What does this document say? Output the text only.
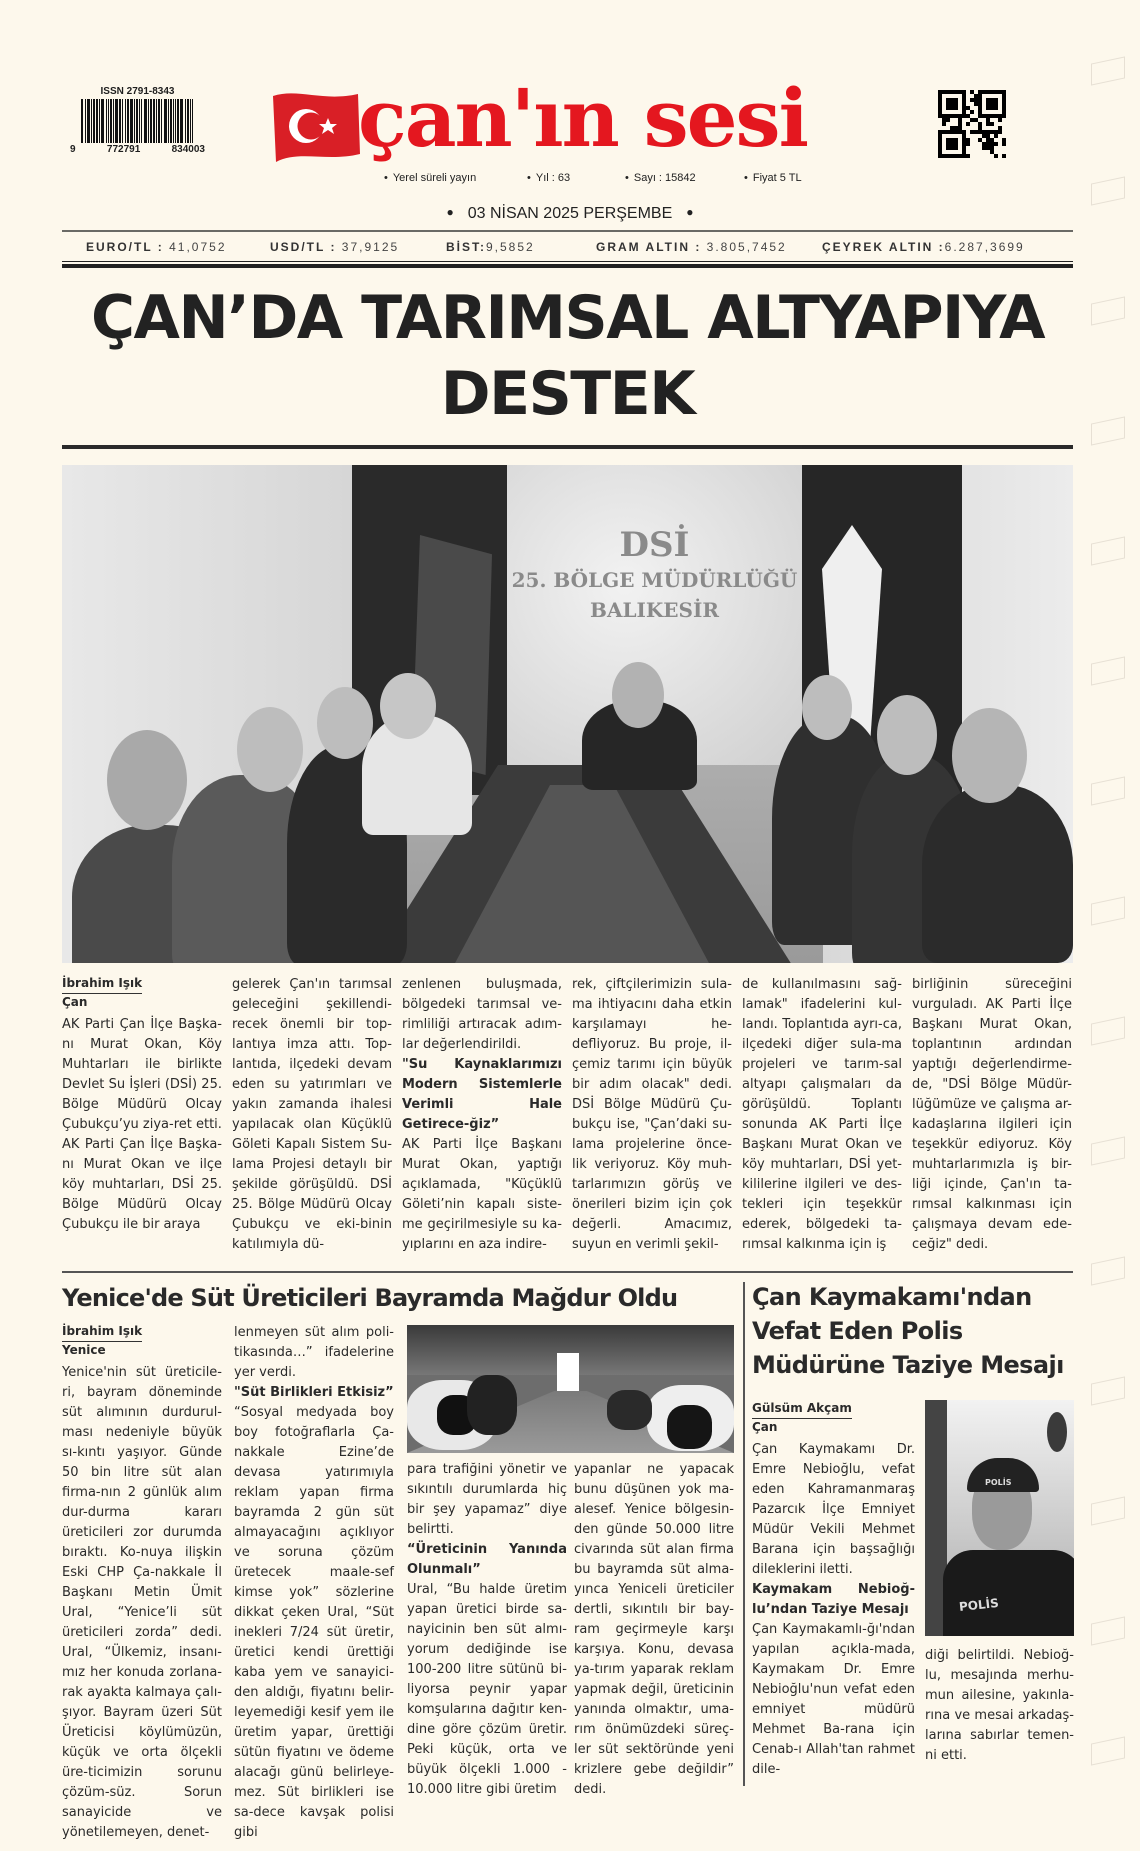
ISSN 2791-8343
9	772791	834003 çan'ın sesi
• Yerel süreli yayın	• Yıl : 63	• Sayı : 15842	• Fiyat 5 TL
● 03 NİSAN 2025 PERŞEMBE ●
EURO/TL : 41,0752	USD/TL : 37,9125	BİST:9,5852	GRAM ALTIN : 3.805,7452	ÇEYREK ALTIN :6.287,3699
ÇAN’DA TARIMSAL ALTYAPIYA
DESTEK
DSİ
25. BÖLGE MÜDÜRLÜĞÜ
BALIKESİR
İbrahim Işık
Çan

AK Parti Çan İlçe Başka-nı Murat Okan, Köy Muhtarları ile birlikte Devlet Su İşleri (DSİ) 25. Bölge Müdürü Olcay Çubukçu’yu ziya-ret etti.

AK Parti Çan İlçe Başka-nı Murat Okan ve ilçe köy muhtarları, DSİ 25. Bölge Müdürü Olcay Çubukçu ile bir araya

gelerek Çan'ın tarımsal geleceğini şekillendi-recek önemli bir top-lantıya imza attı. Top-lantıda, ilçedeki devam eden su yatırımları ve yakın zamanda ihalesi yapılacak olan Küçüklü Göleti Kapalı Sistem Su-lama Projesi detaylı bir şekilde görüşüldü. DSİ 25. Bölge Müdürü Olcay Çubukçu ve eki-binin katılımıyla dü-

zenlenen buluşmada, bölgedeki tarımsal ve-rimliliği artıracak adım-lar değerlendirildi.

"Su Kaynaklarımızı Modern Sistemlerle Verimli Hale Getirece-ğiz”

AK Parti İlçe Başkanı Murat Okan, yaptığı açıklamada, "Küçüklü Göleti’nin kapalı siste-me geçirilmesiyle su ka-yıplarını en aza indire-

rek, çiftçilerimizin sula-ma ihtiyacını daha etkin karşılamayı he-defliyoruz. Bu proje, il-çemiz tarımı için büyük bir adım olacak" dedi. DSİ Bölge Müdürü Çu-bukçu ise, "Çan’daki su-lama projelerine önce-lik veriyoruz. Köy muh-tarlarımızın görüş ve önerileri bizim için çok değerli. Amacımız, suyun en verimli şekil-

de kullanılmasını sağ-lamak" ifadelerini kul-landı. Toplantıda ayrı-ca, ilçedeki diğer sula-ma projeleri ve tarım-sal altyapı çalışmaları da görüşüldü. Toplantı sonunda AK Parti İlçe Başkanı Murat Okan ve köy muhtarları, DSİ yet-kililerine ilgileri ve des-tekleri için teşekkür ederek, bölgedeki ta-rımsal kalkınma için iş

birliğinin süreceğini vurguladı. AK Parti İlçe Başkanı Murat Okan, toplantının ardından yaptığı değerlendirme-de, "DSİ Bölge Müdür-lüğümüze ve çalışma ar-kadaşlarına ilgileri için teşekkür ediyoruz. Köy muhtarlarımızla iş bir-liği içinde, Çan'ın ta-rımsal kalkınması için çalışmaya devam ede-ceğiz" dedi.

Yenice'de Süt Üreticileri Bayramda Mağdur Oldu
İbrahim Işık
Yenice

Yenice'nin süt üreticile-ri, bayram döneminde süt alımının durdurul-ması nedeniyle büyük sı-kıntı yaşıyor. Günde 50 bin litre süt alan firma-nın 2 günlük alım dur-durma kararı üreticileri zor durumda bıraktı. Ko-nuya ilişkin Eski CHP Ça-nakkale İl Başkanı Metin Ümit Ural, “Yenice’li süt üreticileri zorda” dedi. Ural, “Ülkemiz, insanı-mız her konuda zorlana-rak ayakta kalmaya çalı-şıyor. Bayram üzeri Süt Üreticisi köylümüzün, küçük ve orta ölçekli üre-ticimizin sorunu çözüm-süz. Sorun sanayicide ve yönetilemeyen, denet-

lenmeyen süt alım poli-tikasında…” ifadelerine yer verdi.

"Süt Birlikleri Etkisiz”

“Sosyal medyada boy boy fotoğraflarla Ça-nakkale Ezine’de devasa yatırımıyla reklam yapan firma bayramda 2 gün süt almayacağını açıklıyor ve soruna çözüm üretecek maale-sef kimse yok” sözlerine dikkat çeken Ural, “Süt inekleri 7/24 süt üretir, üretici kendi ürettiği kaba yem ve sanayici-den aldığı, fiyatını belir-leyemediği kesif yem ile üretim yapar, ürettiği sütün fiyatını ve ödeme alacağı günü belirleye-mez. Süt birlikleri ise sa-dece kavşak polisi gibi

para trafiğini yönetir ve sıkıntılı durumlarda hiç bir şey yapamaz” diye belirtti.

“Üreticinin Yanında Olunmalı”

Ural, “Bu halde üretim yapan üretici birde sa-nayicinin ben süt almı-yorum dediğinde ise 100-200 litre sütünü bi-liyorsa peynir yapar komşularına dağıtır ken-dine göre çözüm üretir. Peki küçük, orta ve büyük ölçekli 1.000 - 10.000 litre gibi üretim

yapanlar ne yapacak bunu düşünen yok ma-alesef. Yenice bölgesin-den günde 50.000 litre civarında süt alan firma bu bayramda süt alma-yınca Yeniceli üreticiler dertli, sıkıntılı bir bay-ram geçirmeyle karşı karşıya. Konu, devasa ya-tırım yaparak reklam yapmak değil, üreticinin yanında olmaktır, uma-rım önümüzdeki süreç-ler süt sektöründe yeni krizlere gebe değildir” dedi.

Çan Kaymakamı'ndan Vefat Eden Polis Müdürüne Taziye Mesajı
POLİS
POLİS
Gülsüm Akçam
Çan

Çan Kaymakamı Dr. Emre Nebioğlu, vefat eden Kahramanmaraş Pazarcık İlçe Emniyet Müdür Vekili Mehmet Barana için başsağlığı dileklerini iletti.

Kaymakam Nebioğ-lu’ndan Taziye Mesajı

Çan Kaymakamlı-ğı'ndan yapılan açıkla-mada, Kaymakam Dr. Emre Nebioğlu'nun vefat eden emniyet müdürü Mehmet Ba-rana için Cenab-ı Allah'tan rahmet dile-

diği belirtildi. Nebioğ-lu, mesajında merhu-mun ailesine, yakınla-rına ve mesai arkadaş-larına sabırlar temen-ni etti.
